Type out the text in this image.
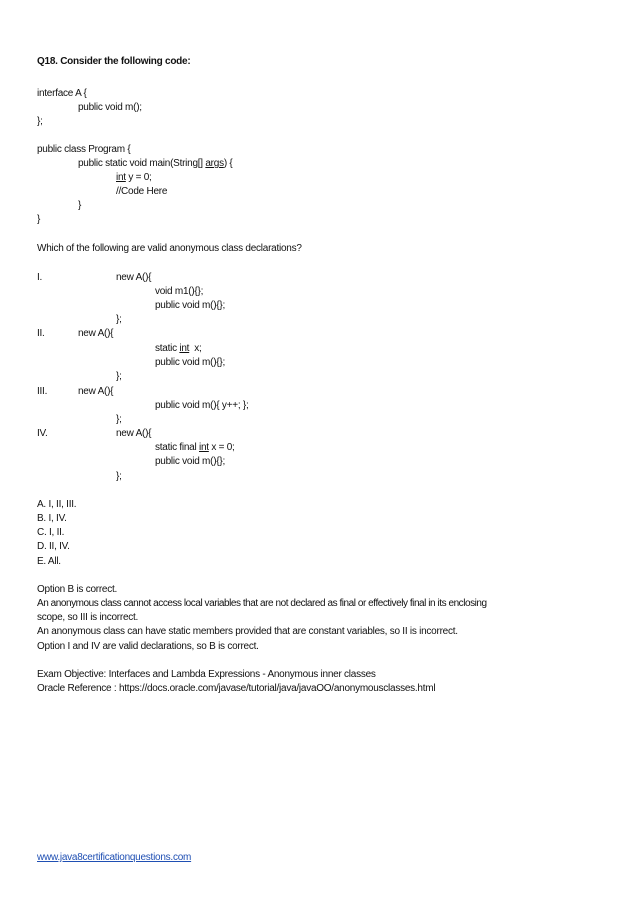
Q18. Consider the following code:
interface A {
public void m();
};
public class Program {
public static void main(String[] args) {
int y = 0;
//Code Here
}
}
Which of the following are valid anonymous class declarations?
I.	new A(){
void m1(){};
public void m(){};
};
II.	new A(){
static int  x;
public void m(){};
};
III.	new A(){
public void m(){ y++; };
};
IV.	new A(){
static final int x = 0;
public void m(){};
};
A. I, II, III.
B. I, IV.
C. I, II.
D. II, IV.
E. All.
Option B is correct.
An anonymous class cannot access local variables that are not declared as final or effectively final in its enclosing
scope, so III is incorrect.
An anonymous class can have static members provided that are constant variables, so II is incorrect.
Option I and IV are valid declarations, so B is correct.
Exam Objective: Interfaces and Lambda Expressions - Anonymous inner classes
Oracle Reference : https://docs.oracle.com/javase/tutorial/java/javaOO/anonymousclasses.html
www.java8certificationquestions.com
